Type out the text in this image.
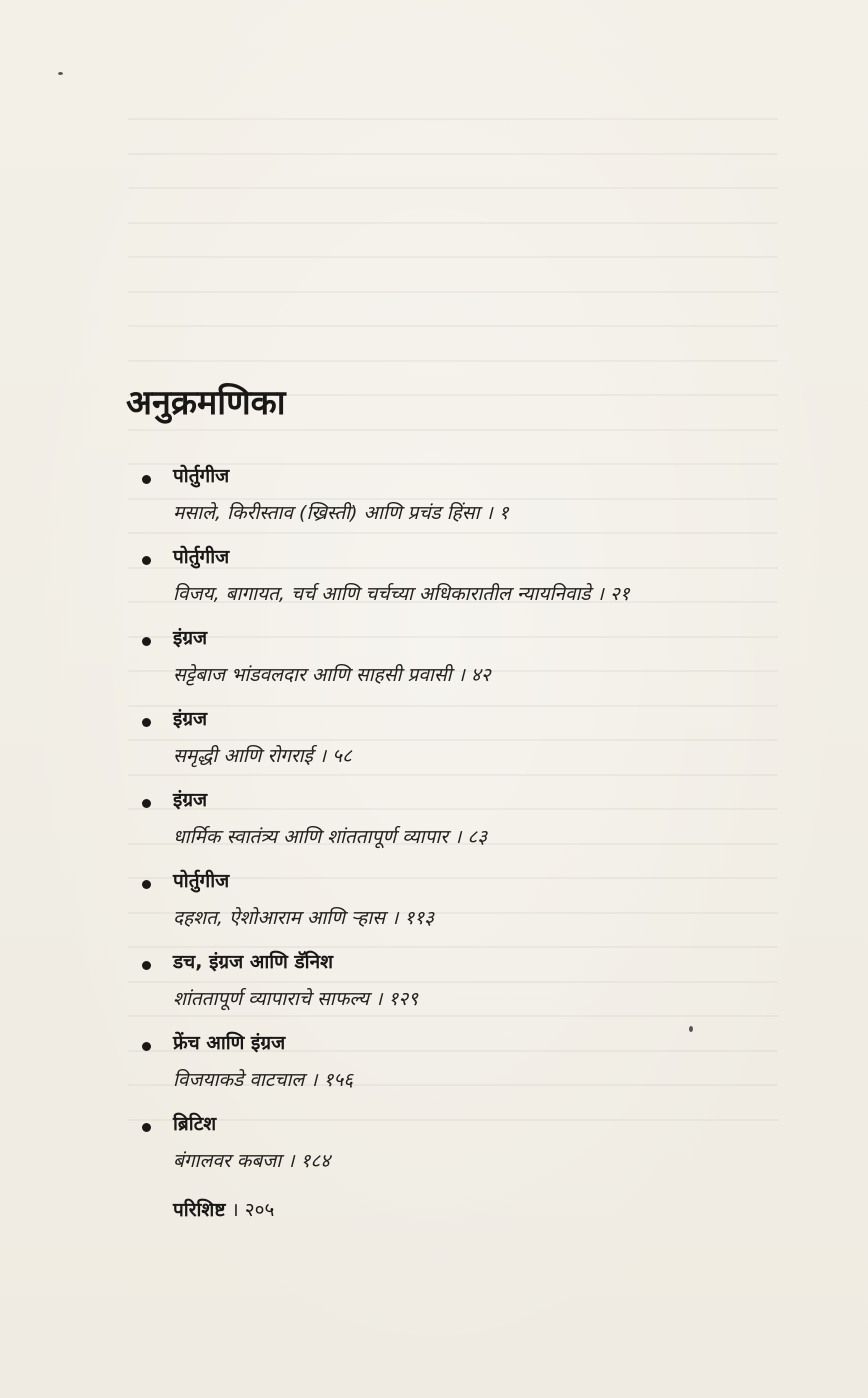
अनुक्रमणिका
पोर्तुगीज
मसाले, किरीस्ताव (ख्रिस्ती) आणि प्रचंड हिंसा । १
पोर्तुगीज
विजय, बागायत, चर्च आणि चर्चच्या अधिकारातील न्यायनिवाडे । २१
इंग्रज
सट्टेबाज भांडवलदार आणि साहसी प्रवासी । ४२
इंग्रज
समृद्धी आणि रोगराई । ५८
इंग्रज
धार्मिक स्वातंत्र्य आणि शांततापूर्ण व्यापार । ८३
पोर्तुगीज
दहशत, ऐशोआराम आणि ऱ्हास । ११३
डच, इंग्रज आणि डॅनिश
शांततापूर्ण व्यापाराचे साफल्य । १२९
फ्रेंच आणि इंग्रज
विजयाकडे वाटचाल । १५६
ब्रिटिश
बंगालवर कबजा । १८४
परिशिष्ट । २०५
